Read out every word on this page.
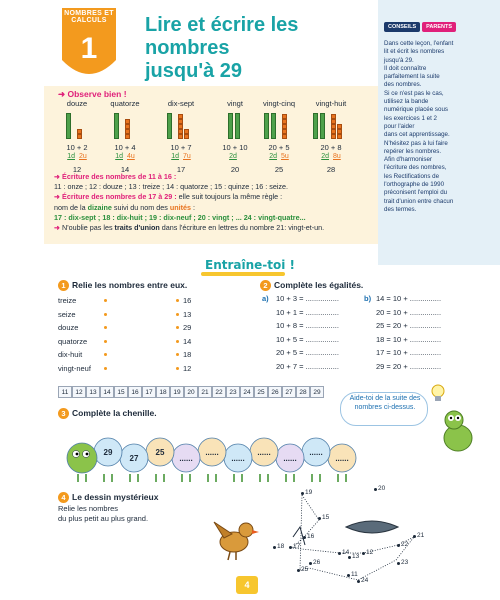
NOMBRES ET CALCULS
1
Lire et écrire les nombres
jusqu'à 29
CONSEILS	PARENTS
Dans cette leçon, l'enfant
lit et écrit les nombres
jusqu'à 29.
Il doit connaître
parfaitement la suite
des nombres.
Si ce n'est pas le cas,
utilisez la bande
numérique placée sous
les exercices 1 et 2
pour l'aider
dans cet apprentissage.
N'hésitez pas à lui faire
repérer les nombres.
Afin d'harmoniser
l'écriture des nombres,
les Rectifications de
l'orthographe de 1990
préconisent l'emploi du
trait d'union entre chacun
des termes.
➜ Observe bien !
douze
10 + 2
1d 2u
12
quatorze
10 + 4
1d 4u
14
dix-sept
10 + 7
1d 7u
17
vingt
10 + 10
2d
20
vingt-cinq
20 + 5
2d 5u
25
vingt-huit
20 + 8
2d 8u
28
➜ Écriture des nombres de 11 à 16 :
11 : onze ; 12 : douze ; 13 : treize ; 14 : quatorze ; 15 : quinze ; 16 : seize.
➜ Écriture des nombres de 17 à 29 : elle suit toujours la même règle :
nom de la dizaine suivi du nom des unités :
17 : dix-sept ; 18 : dix-huit ; 19 : dix-neuf ; 20 : vingt ; ... 24 : vingt-quatre...
➜ N'oublie pas les traits d'union dans l'écriture en lettres du nombre 21: vingt-et-un.
Entraîne-toi !
1 Relie les nombres entre eux.
treize	16
seize	13
douze	29
quatorze	14
dix-huit	18
vingt-neuf	12
2 Complète les égalités.
a)	b)
10 + 3 = ................
10 + 1 = ................
10 + 8 = ................
10 + 5 = ................
20 + 5 = ................
20 + 7 = ................
14 = 10 + ...............
20 = 10 + ...............
25 = 20 + ...............
18 = 10 + ...............
17 = 10 + ...............
29 = 20 + ...............
11	12	13	14	15	16	17	18	19	20	21	22	23	24	25	26	27	28	29
3 Complète la chenille.
Aide-toi de la suite des nombres ci-dessus.
......
......
......
......
......
......
......
25
27
29
4 Le dessin mystérieux
Relie les nombres
du plus petit au plus grand.
19
20
15
16
17
18
14
13
12
21
22
23
26
25
11
24
4
